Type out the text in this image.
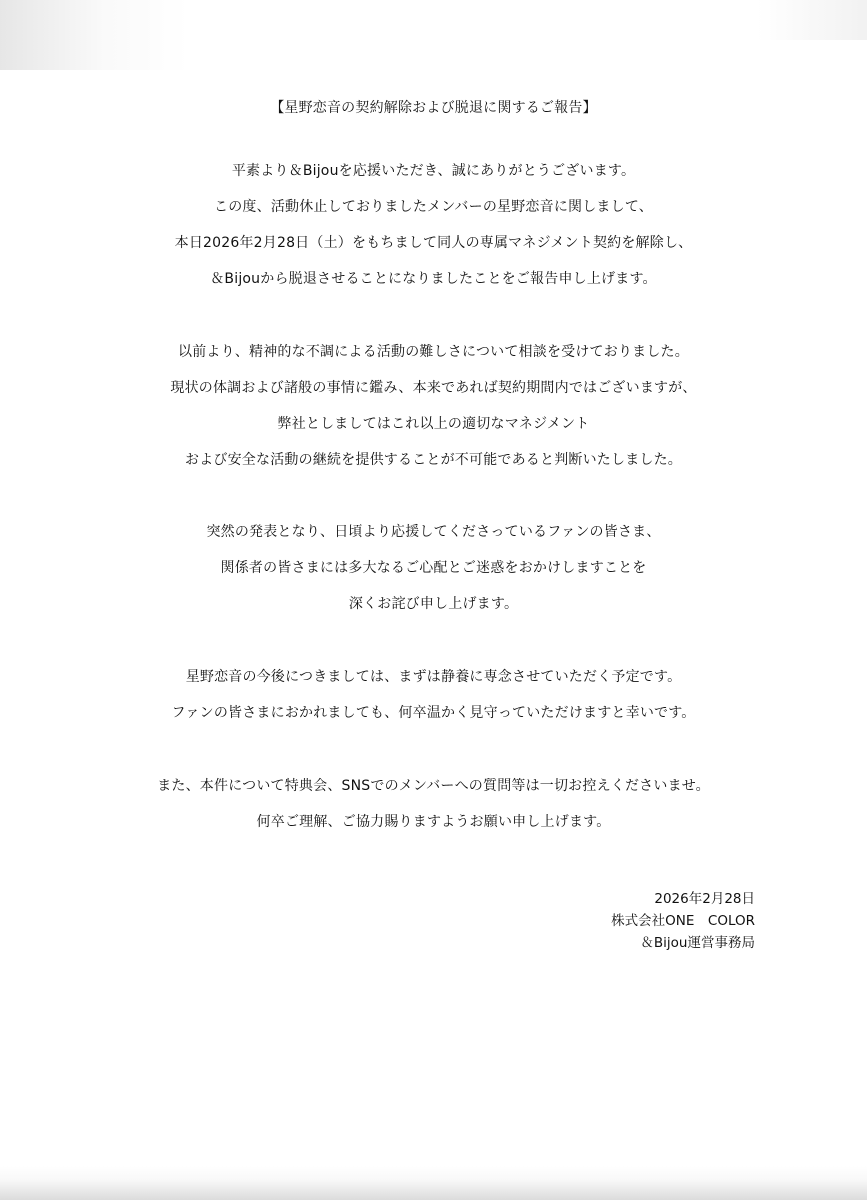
【星野恋音の契約解除および脱退に関するご報告】
平素より＆Bijouを応援いただき、誠にありがとうございます。
この度、活動休止しておりましたメンバーの星野恋音に関しまして、
本日2026年2月28日（土）をもちまして同人の専属マネジメント契約を解除し、
＆Bijouから脱退させることになりましたことをご報告申し上げます。
以前より、精神的な不調による活動の難しさについて相談を受けておりました。
現状の体調および諸般の事情に鑑み、本来であれば契約期間内ではございますが、
弊社としましてはこれ以上の適切なマネジメント
および安全な活動の継続を提供することが不可能であると判断いたしました。
突然の発表となり、日頃より応援してくださっているファンの皆さま、
関係者の皆さまには多大なるご心配とご迷惑をおかけしますことを
深くお詫び申し上げます。
星野恋音の今後につきましては、まずは静養に専念させていただく予定です。
ファンの皆さまにおかれましても、何卒温かく見守っていただけますと幸いです。
また、本件について特典会、SNSでのメンバーへの質問等は一切お控えくださいませ。
何卒ご理解、ご協力賜りますようお願い申し上げます。
2026年2月28日
株式会社ONE　COLOR
＆Bijou運営事務局
